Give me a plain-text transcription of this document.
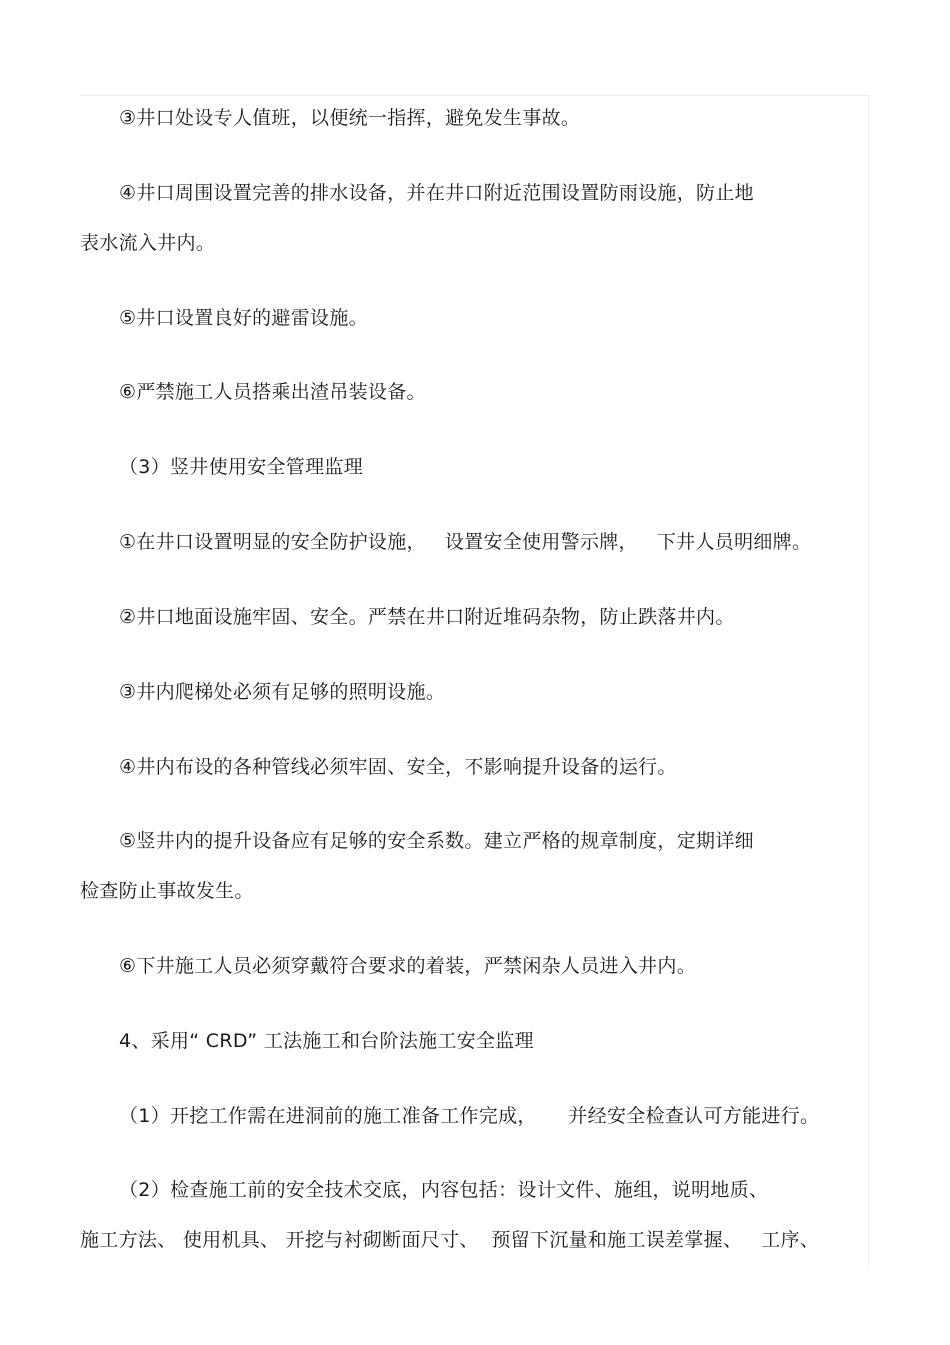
③井口处设专人值班，以便统一指挥，避免发生事故。
④井口周围设置完善的排水设备，并在井口附近范围设置防雨设施，防止地
表水流入井内。
⑤井口设置良好的避雷设施。
⑥严禁施工人员搭乘出渣吊装设备。
（3）竖井使用安全管理监理
①在井口设置明显的安全防护设施，   设置安全使用警示牌，   下井人员明细牌。
②井口地面设施牢固、安全。严禁在井口附近堆码杂物，防止跌落井内。
③井内爬梯处必须有足够的照明设施。
④井内布设的各种管线必须牢固、安全，不影响提升设备的运行。
⑤竖井内的提升设备应有足够的安全系数。建立严格的规章制度，定期详细
检查防止事故发生。
⑥下井施工人员必须穿戴符合要求的着装，严禁闲杂人员进入井内。
4、采用“ CRD” 工法施工和台阶法施工安全监理
（1）开挖工作需在进洞前的施工准备工作完成，     并经安全检查认可方能进行。
（2）检查施工前的安全技术交底，内容包括：设计文件、施组，说明地质、
施工方法、 使用机具、 开挖与衬砌断面尺寸、  预留下沉量和施工误差掌握、   工序、
